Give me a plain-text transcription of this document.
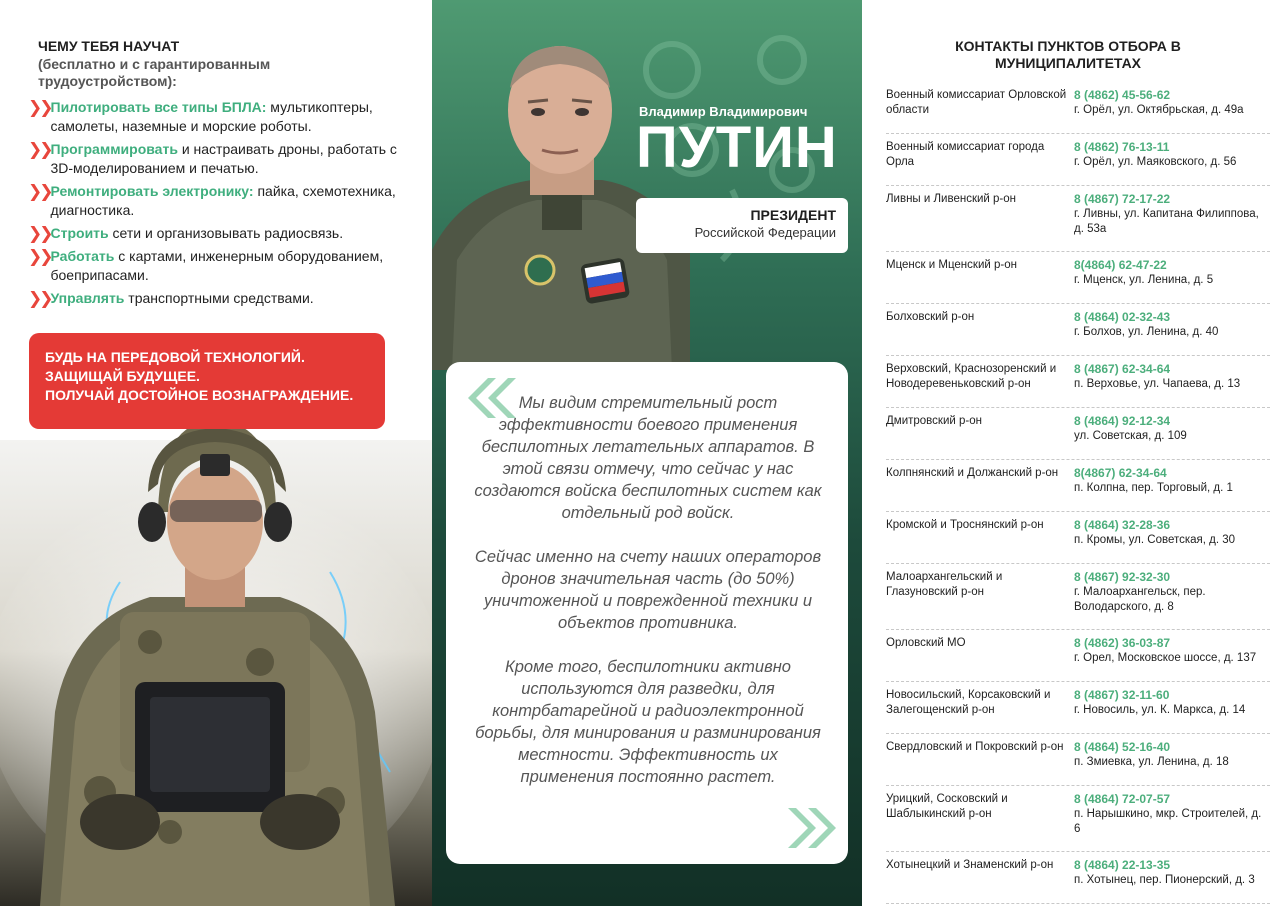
ЧЕМУ ТЕБЯ НАУЧАТ
(бесплатно и с гарантированным трудоустройством):
❯❯ Пилотировать все типы БПЛА: мультикоптеры, самолеты, наземные и морские роботы.
❯❯ Программировать и настраивать дроны, работать с 3D-моделированием и печатью.
❯❯ Ремонтировать электронику: пайка, схемотехника, диагностика.
❯❯ Строить сети и организовывать радиосвязь.
❯❯ Работать с картами, инженерным оборудованием, боеприпасами.
❯❯ Управлять транспортными средствами.
БУДЬ НА ПЕРЕДОВОЙ ТЕХНОЛОГИЙ.
ЗАЩИЩАЙ БУДУЩЕЕ.
ПОЛУЧАЙ ДОСТОЙНОЕ ВОЗНАГРАЖДЕНИЕ.
Владимир Владимирович
ПУТИН
ПРЕЗИДЕНТ
Российской Федерации

Мы видим стремительный рост эффективности боевого применения беспилотных летательных аппаратов. В этой связи отмечу, что сейчас у нас создаются войска беспилотных систем как отдельный род войск.

Сейчас именно на счету наших операторов дронов значительная часть (до 50%) уничтоженной и поврежденной техники и объектов противника.

Кроме того, беспилотники активно используются для разведки, для контрбатарейной и радиоэлектронной борьбы, для минирования и разминирования местности. Эффективность их применения постоянно растет.

КОНТАКТЫ ПУНКТОВ ОТБОРА В МУНИЦИПАЛИТЕТАХ
Военный комиссариат Орловской области
8 (4862) 45-56-62
г. Орёл, ул. Октябрьская, д. 49а
Военный комиссариат города Орла
8 (4862) 76-13-11
г. Орёл, ул. Маяковского, д. 56
Ливны и Ливенский р-он	8 (4867) 72-17-22
г. Ливны, ул. Капитана Филиппова, д. 53а
Мценск и Мценский р-он	8(4864) 62-47-22
г. Мценск, ул. Ленина, д. 5
Болховский р-он	8 (4864) 02-32-43
г. Болхов, ул. Ленина, д. 40
Верховский, Краснозоренский и Новодеревеньковский р-он
8 (4867) 62-34-64
п. Верховье, ул. Чапаева, д. 13
Дмитровский р-он	8 (4864) 92-12-34
ул. Советская, д. 109
Колпнянский и Должанский р-он	8(4867) 62-34-64
п. Колпна, пер. Торговый, д. 1
Кромской и Троснянский р-он	8 (4864) 32-28-36
п. Кромы, ул. Советская, д. 30
Малоархангельский и Глазуновский р-он
8 (4867) 92-32-30
г. Малоархангельск, пер. Володарского, д. 8
Орловский МО	8 (4862) 36-03-87
г. Орел, Московское шоссе, д. 137
Новосильский, Корсаковский и Залегощенский р-он
8 (4867) 32-11-60
г. Новосиль, ул. К. Маркса, д. 14
Свердловский и Покровский р-он 8 (4864) 52-16-40
п. Змиевка, ул. Ленина, д. 18
Урицкий, Сосковский и Шаблыкинский р-он
8 (4864) 72-07-57
п. Нарышкино, мкр. Строителей, д. 6
Хотынецкий и Знаменский р-он	8 (4864) 22-13-35
п. Хотынец, пер. Пионерский, д. 3
